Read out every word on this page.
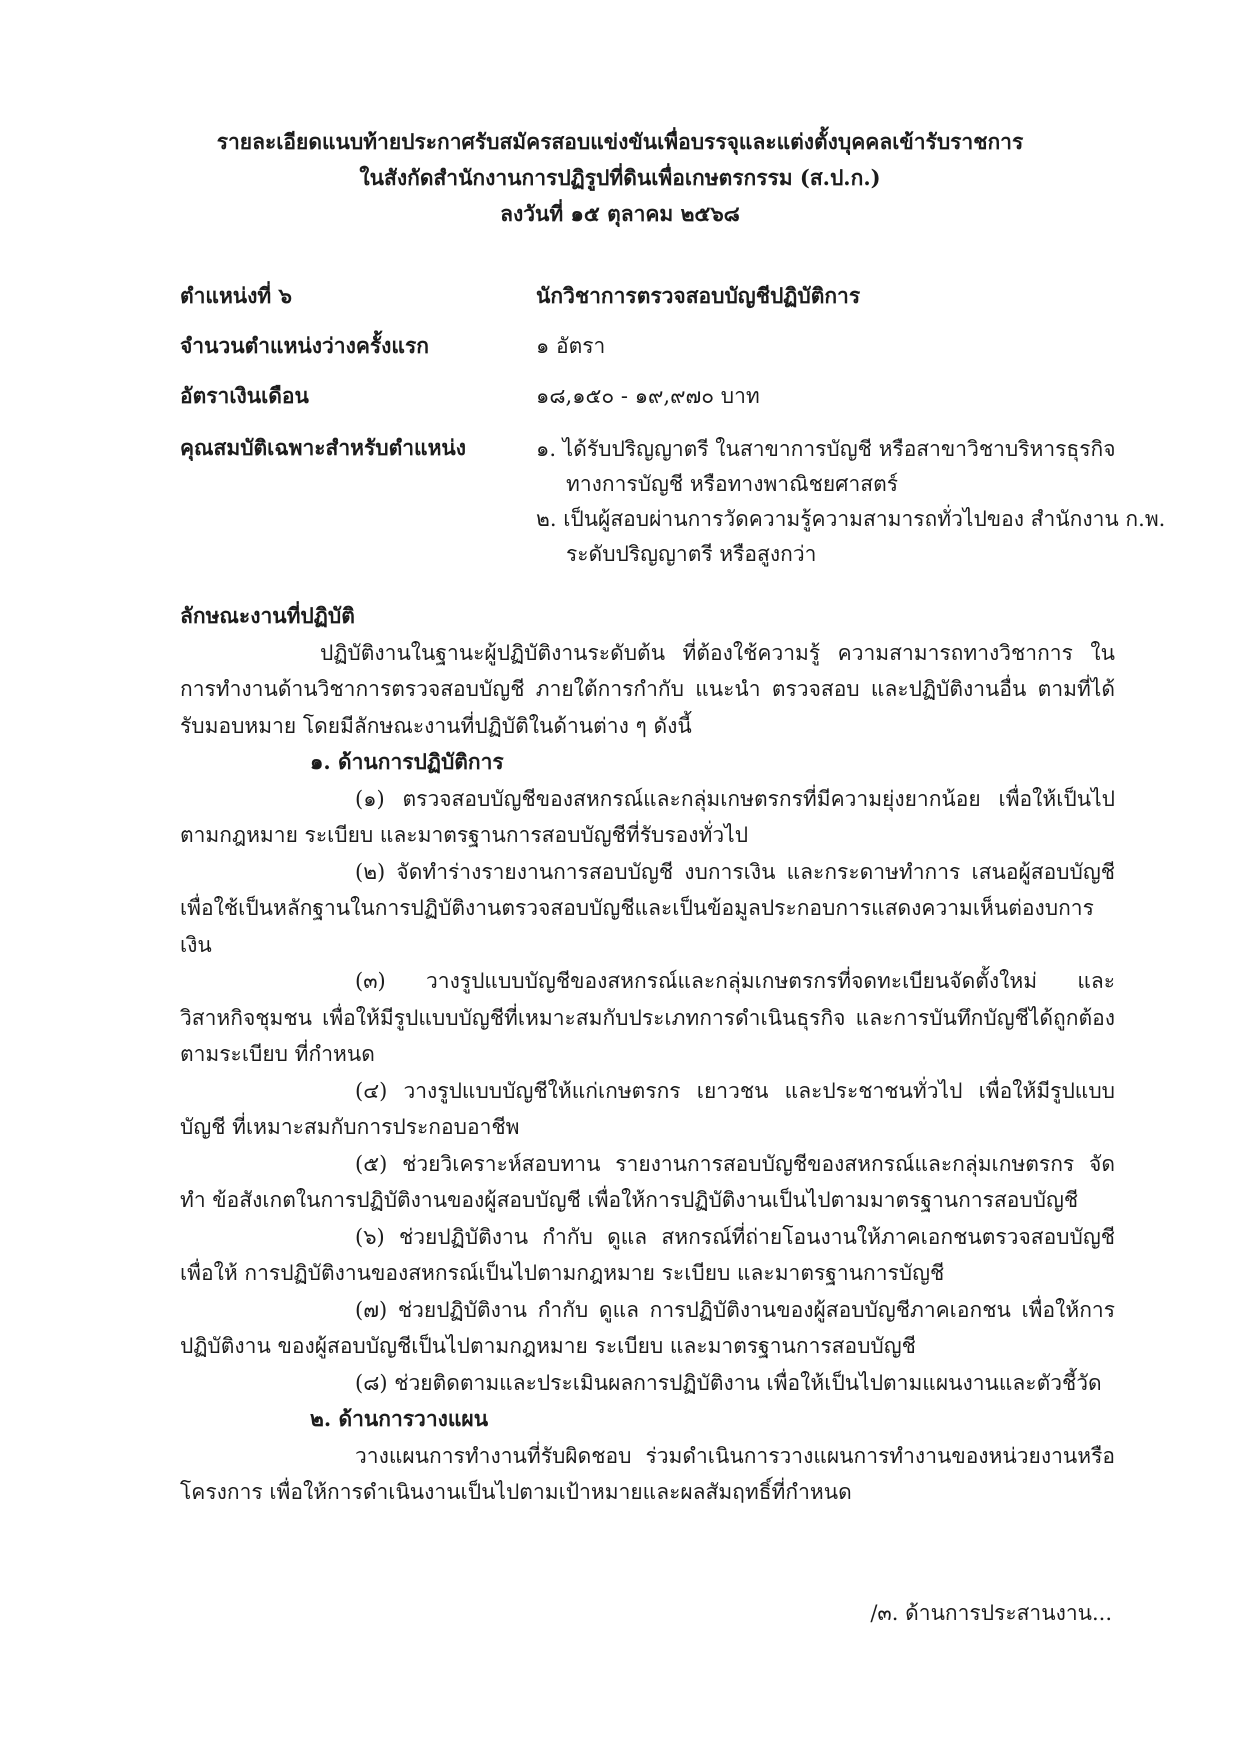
รายละเอียดแนบท้ายประกาศรับสมัครสอบแข่งขันเพื่อบรรจุและแต่งตั้งบุคคลเข้ารับราชการ
ในสังกัดสำนักงานการปฏิรูปที่ดินเพื่อเกษตรกรรม (ส.ป.ก.)
ลงวันที่ ๑๕ ตุลาคม ๒๕๖๘
ตำแหน่งที่ ๖	นักวิชาการตรวจสอบบัญชีปฏิบัติการ
จำนวนตำแหน่งว่างครั้งแรก	๑ อัตรา
อัตราเงินเดือน	๑๘,๑๕๐ - ๑๙,๙๗๐ บาท
คุณสมบัติเฉพาะสำหรับตำแหน่ง	๑. ได้รับปริญญาตรี ในสาขาการบัญชี หรือสาขาวิชาบริหารธุรกิจ
ทางการบัญชี หรือทางพาณิชยศาสตร์
๒. เป็นผู้สอบผ่านการวัดความรู้ความสามารถทั่วไปของ สำนักงาน ก.พ.
ระดับปริญญาตรี หรือสูงกว่า
ลักษณะงานที่ปฏิบัติ
ปฏิบัติงานในฐานะผู้ปฏิบัติงานระดับต้น ที่ต้องใช้ความรู้ ความสามารถทางวิชาการ ในการทำงานด้านวิชาการตรวจสอบบัญชี ภายใต้การกำกับ แนะนำ ตรวจสอบ และปฏิบัติงานอื่น ตามที่ได้รับมอบหมาย โดยมีลักษณะงานที่ปฏิบัติในด้านต่าง ๆ ดังนี้
๑. ด้านการปฏิบัติการ
(๑) ตรวจสอบบัญชีของสหกรณ์และกลุ่มเกษตรกรที่มีความยุ่งยากน้อย เพื่อให้เป็นไป ตามกฎหมาย ระเบียบ และมาตรฐานการสอบบัญชีที่รับรองทั่วไป
(๒) จัดทำร่างรายงานการสอบบัญชี งบการเงิน และกระดาษทำการ เสนอผู้สอบบัญชี เพื่อใช้เป็นหลักฐานในการปฏิบัติงานตรวจสอบบัญชีและเป็นข้อมูลประกอบการแสดงความเห็นต่องบการเงิน
(๓) วางรูปแบบบัญชีของสหกรณ์และกลุ่มเกษตรกรที่จดทะเบียนจัดตั้งใหม่ และวิสาหกิจชุมชน เพื่อให้มีรูปแบบบัญชีที่เหมาะสมกับประเภทการดำเนินธุรกิจ และการบันทึกบัญชีได้ถูกต้องตามระเบียบ ที่กำหนด
(๔) วางรูปแบบบัญชีให้แก่เกษตรกร เยาวชน และประชาชนทั่วไป เพื่อให้มีรูปแบบบัญชี ที่เหมาะสมกับการประกอบอาชีพ
(๕) ช่วยวิเคราะห์สอบทาน รายงานการสอบบัญชีของสหกรณ์และกลุ่มเกษตรกร จัดทำ ข้อสังเกตในการปฏิบัติงานของผู้สอบบัญชี เพื่อให้การปฏิบัติงานเป็นไปตามมาตรฐานการสอบบัญชี
(๖) ช่วยปฏิบัติงาน กำกับ ดูแล สหกรณ์ที่ถ่ายโอนงานให้ภาคเอกชนตรวจสอบบัญชีเพื่อให้ การปฏิบัติงานของสหกรณ์เป็นไปตามกฎหมาย ระเบียบ และมาตรฐานการบัญชี
(๗) ช่วยปฏิบัติงาน กำกับ ดูแล การปฏิบัติงานของผู้สอบบัญชีภาคเอกชน เพื่อให้การปฏิบัติงาน ของผู้สอบบัญชีเป็นไปตามกฎหมาย ระเบียบ และมาตรฐานการสอบบัญชี
(๘) ช่วยติดตามและประเมินผลการปฏิบัติงาน เพื่อให้เป็นไปตามแผนงานและตัวชี้วัด
๒. ด้านการวางแผน
วางแผนการทำงานที่รับผิดชอบ ร่วมดำเนินการวางแผนการทำงานของหน่วยงานหรือ โครงการ เพื่อให้การดำเนินงานเป็นไปตามเป้าหมายและผลสัมฤทธิ์ที่กำหนด
/๓. ด้านการประสานงาน...
